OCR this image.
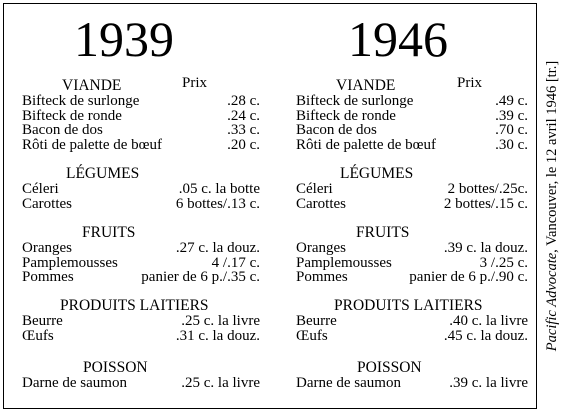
1939
Prix
VIANDE
Bifteck de surlonge	.28 c.
Bifteck de ronde	.24 c.
Bacon de dos	.33 c.
Rôti de palette de bœuf	.20 c.
LÉGUMES
Céleri	.05 c. la botte
Carottes	6 bottes/.13 c.
FRUITS
Oranges	.27 c. la douz.
Pamplemousses	4 /.17 c.
Pommes	panier de 6 p./.35 c.
PRODUITS LAITIERS
Beurre	.25 c. la livre
Œufs	.31 c. la douz.
POISSON
Darne de saumon	.25 c. la livre
1946
Prix
VIANDE
Bifteck de surlonge	.49 c.
Bifteck de ronde	.39 c.
Bacon de dos	.70 c.
Rôti de palette de bœuf	.30 c.
LÉGUMES
Céleri	2 bottes/.25c.
Carottes	2 bottes/.15 c.
FRUITS
Oranges	.39 c. la douz.
Pamplemousses	3 /.25 c.
Pommes	panier de 6 p./.90 c.
PRODUITS LAITIERS
Beurre	.40 c. la livre
Œufs	.45 c. la douz.
POISSON
Darne de saumon	.39 c. la livre
Pacific Advocate, Vancouver, le 12 avril 1946 [tr.]
